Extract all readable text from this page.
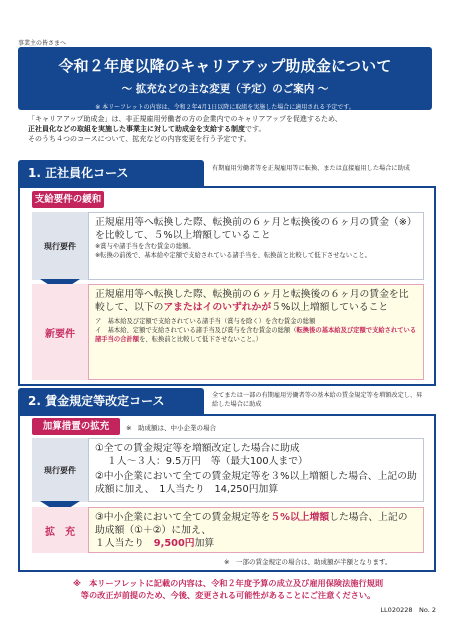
事業主の皆さまへ
令和２年度以降のキャリアアップ助成金について
〜 拡充などの主な変更（予定）のご案内 〜
※ 本リーフレットの内容は、令和２年4月1日以降に取組を実施した場合に適用される予定です。
「キャリアアップ助成金」は、非正規雇用労働者の方の企業内でのキャリアアップを促進するため、
正社員化などの取組を実施した事業主に対して助成金を支給する制度です。
そのうち４つのコースについて、拡充などの内容変更を行う予定です。
1. 正社員化コース	有期雇用労働者等を正規雇用等に転換、または直接雇用した場合に助成
支給要件の緩和
現行要件
正規雇用等へ転換した際、転換前の６ヶ月と転換後の６ヶ月の賃金（※）を比較して、５%以上増額していること
※賞与や諸手当を含む賃金の総額。
※転換の前後で、基本給や定額で支給されている諸手当を、転換前と比較して低下させないこと。
新要件
正規雇用等へ転換した際、転換前の６ヶ月と転換後の６ヶ月の賃金を比較して、以下のアまたはイのいずれかが５%以上増額していること
ア　基本給及び定額で支給されている諸手当（賞与を除く）を含む賃金の総額
イ　基本給、定額で支給されている諸手当及び賞与を含む賃金の総額（転換後の基本給及び定額で支給されている諸手当の合計額を、転換前と比較して低下させないこと。）
2. 賃金規定等改定コース	全てまたは一部の有期雇用労働者等の基本給の賃金規定等を増額改定し、昇給した場合に助成
加算措置の拡充	※　助成額は、中小企業の場合
現行要件
①全ての賃金規定等を増額改定した場合に助成
１人〜３人：9.5万円　等（最大100人まで）
②中小企業において全ての賃金規定等を３%以上増額した場合、上記の助成額に加え、　1人当たり　14,250円加算
拡　充
③中小企業において全ての賃金規定等を５%以上増額した場合、上記の助成額（①＋②）に加え、
１人当たり　9,500円加算
※　一部の賃金規定の場合は、助成額が半額となります。
※　本リーフレットに記載の内容は、令和２年度予算の成立及び雇用保険法施行規則
等の改正が前提のため、今後、変更される可能性があることにご注意ください。
LL020228　No. 2
